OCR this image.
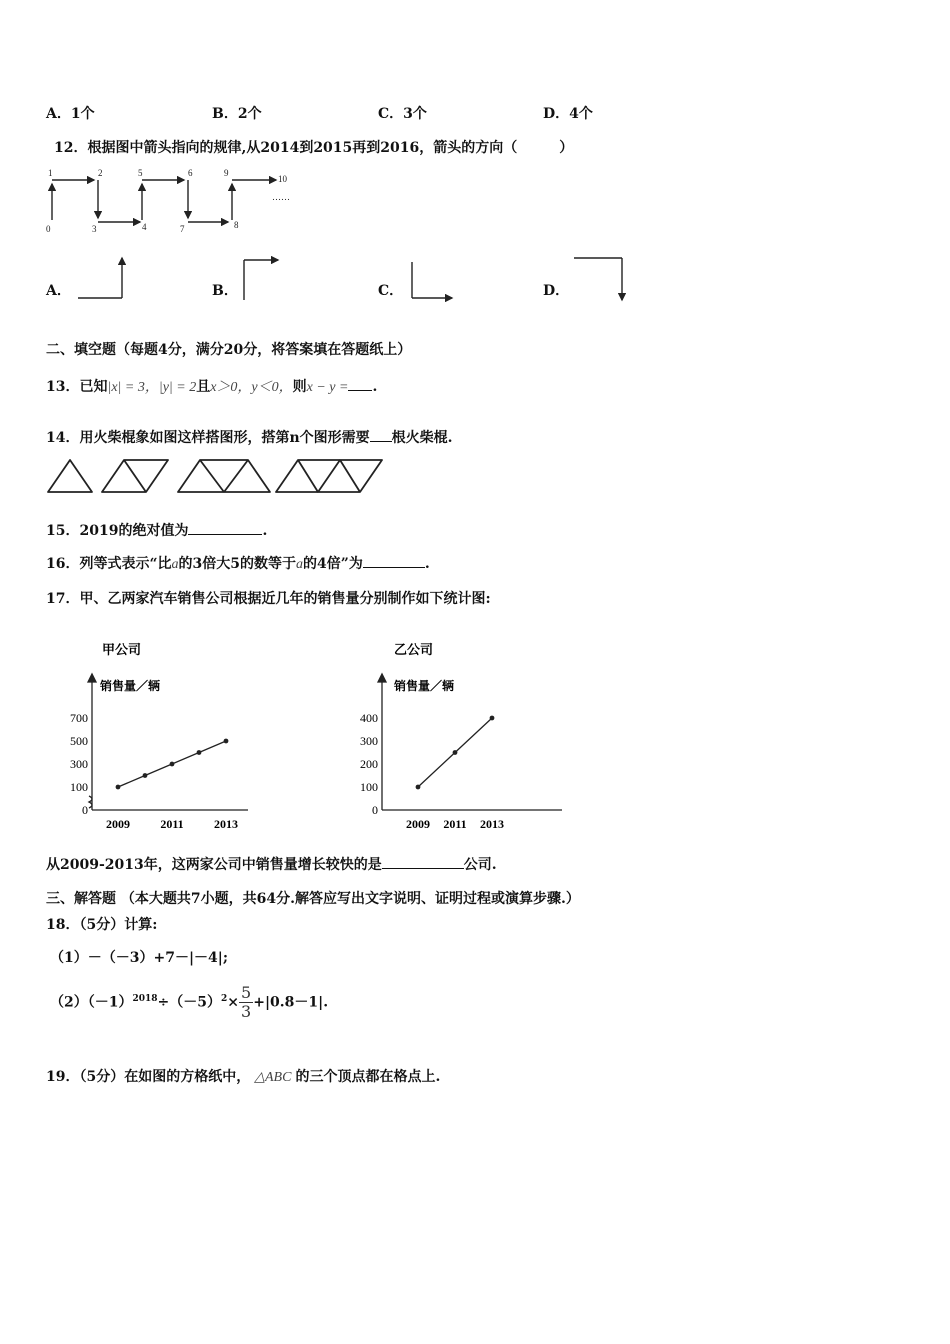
A．1个	B．2个	C．3个	D．4个
12．根据图中箭头指向的规律,从2014到2015再到2016，箭头的方向（　　　）
1	2	5	6	9
10
0	3	4	7	8
……
A．	B．	C．	D．
二、填空题（每题4分，满分20分，将答案填在答题纸上）
13．已知|x| = 3，|y| = 2且x＞0，y＜0，则x − y = .
14．用火柴棍象如图这样搭图形，搭第n个图形需要 根火柴棍.
15．2019的绝对值为	.
16．列等式表示“比a的3倍大5的数等于a的4倍”为	.
17．甲、乙两家汽车销售公司根据近几年的销售量分别制作如下统计图:
甲公司
销售量／辆
0
100
300
500
700
2009	2011	2013
乙公司
销售量／辆
0
100
200
300
400
2009 2011 2013
从2009-2013年，这两家公司中销售量增长较快的是	公司.
三、解答题 （本大题共7小题，共64分.解答应写出文字说明、证明过程或演算步骤.）
18．（5分）计算:
（1）－（－3）+7－|－4|;
$(2)(-1)^{2018}\div(-5)^2\times \frac{5}{3} +|0.8-1|$.
19．（5分）在如图的方格纸中， △ABC 的三个顶点都在格点上.
